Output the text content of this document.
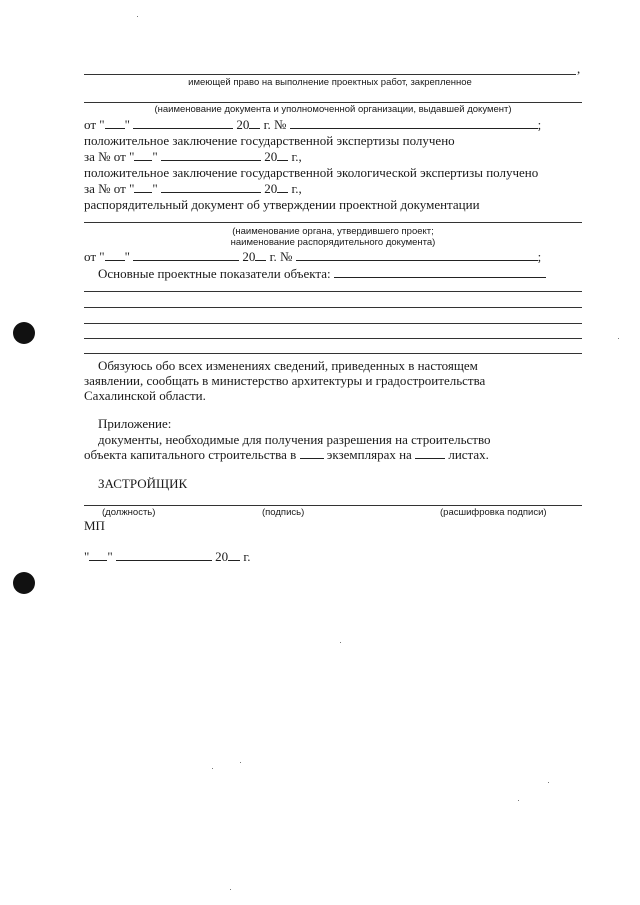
,
имеющей право на выполнение проектных работ, закрепленное
(наименование документа и уполномоченной организации, выдавшей документ)
от " "	20 г. №	;
положительное заключение государственной экспертизы получено
за № от " "	20 г.,
положительное заключение государственной экологической экспертизы получено
за № от " "	20 г.,
распорядительный документ об утверждении проектной документации
(наименование органа, утвердившего проект;
наименование распорядительного документа)
от " "	20 г. №	;
Основные проектные показатели объекта:
Обязуюсь обо всех изменениях сведений, приведенных в настоящем
заявлении, сообщать в министерство архитектуры и градостроительства
Сахалинской области.
Приложение:
документы, необходимые для получения разрешения на строительство
объекта капитального строительства в экземплярах на	листах.
ЗАСТРОЙЩИК
(должность)	(подпись)	(расшифровка подписи)
МП
" "	20 г.
